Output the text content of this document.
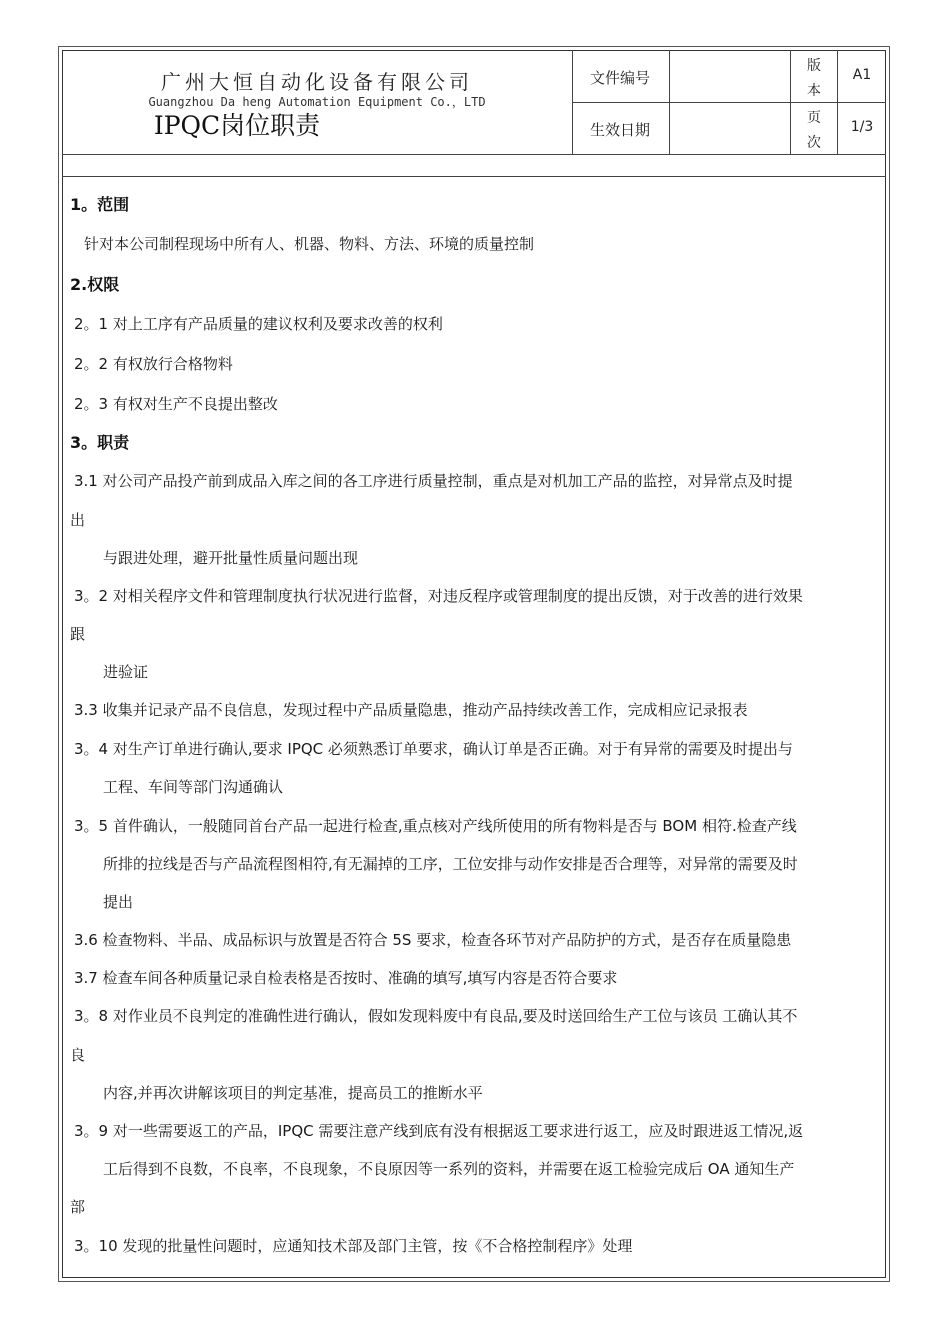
广州大恒自动化设备有限公司
Guangzhou Da heng Automation Equipment Co.，LTD
IPQC岗位职责
文件编号
生效日期
版
本
A1
页
次
1/3
1。范围
针对本公司制程现场中所有人、机器、物料、方法、环境的质量控制
2.权限
2。1 对上工序有产品质量的建议权利及要求改善的权利
2。2 有权放行合格物料
2。3 有权对生产不良提出整改
3。职责
3.1 对公司产品投产前到成品入库之间的各工序进行质量控制，重点是对机加工产品的监控，对异常点及时提
出
与跟进处理，避开批量性质量问题出现
3。2 对相关程序文件和管理制度执行状况进行监督，对违反程序或管理制度的提出反馈，对于改善的进行效果
跟
进验证
3.3 收集并记录产品不良信息，发现过程中产品质量隐患，推动产品持续改善工作，完成相应记录报表
3。4 对生产订单进行确认,要求 IPQC 必须熟悉订单要求，确认订单是否正确。对于有异常的需要及时提出与
工程、车间等部门沟通确认
3。5 首件确认，一般随同首台产品一起进行检查,重点核对产线所使用的所有物料是否与 BOM 相符.检查产线
所排的拉线是否与产品流程图相符,有无漏掉的工序，工位安排与动作安排是否合理等，对异常的需要及时
提出
3.6 检查物料、半品、成品标识与放置是否符合 5S 要求，检查各环节对产品防护的方式，是否存在质量隐患
3.7 检查车间各种质量记录自检表格是否按时、准确的填写,填写内容是否符合要求
3。8 对作业员不良判定的准确性进行确认，假如发现料废中有良品,要及时送回给生产工位与该员 工确认其不
良
内容,并再次讲解该项目的判定基准，提高员工的推断水平
3。9 对一些需要返工的产品，IPQC 需要注意产线到底有没有根据返工要求进行返工，应及时跟进返工情况,返
工后得到不良数，不良率，不良现象，不良原因等一系列的资料，并需要在返工检验完成后 OA 通知生产
部
3。10 发现的批量性问题时，应通知技术部及部门主管，按《不合格控制程序》处理
